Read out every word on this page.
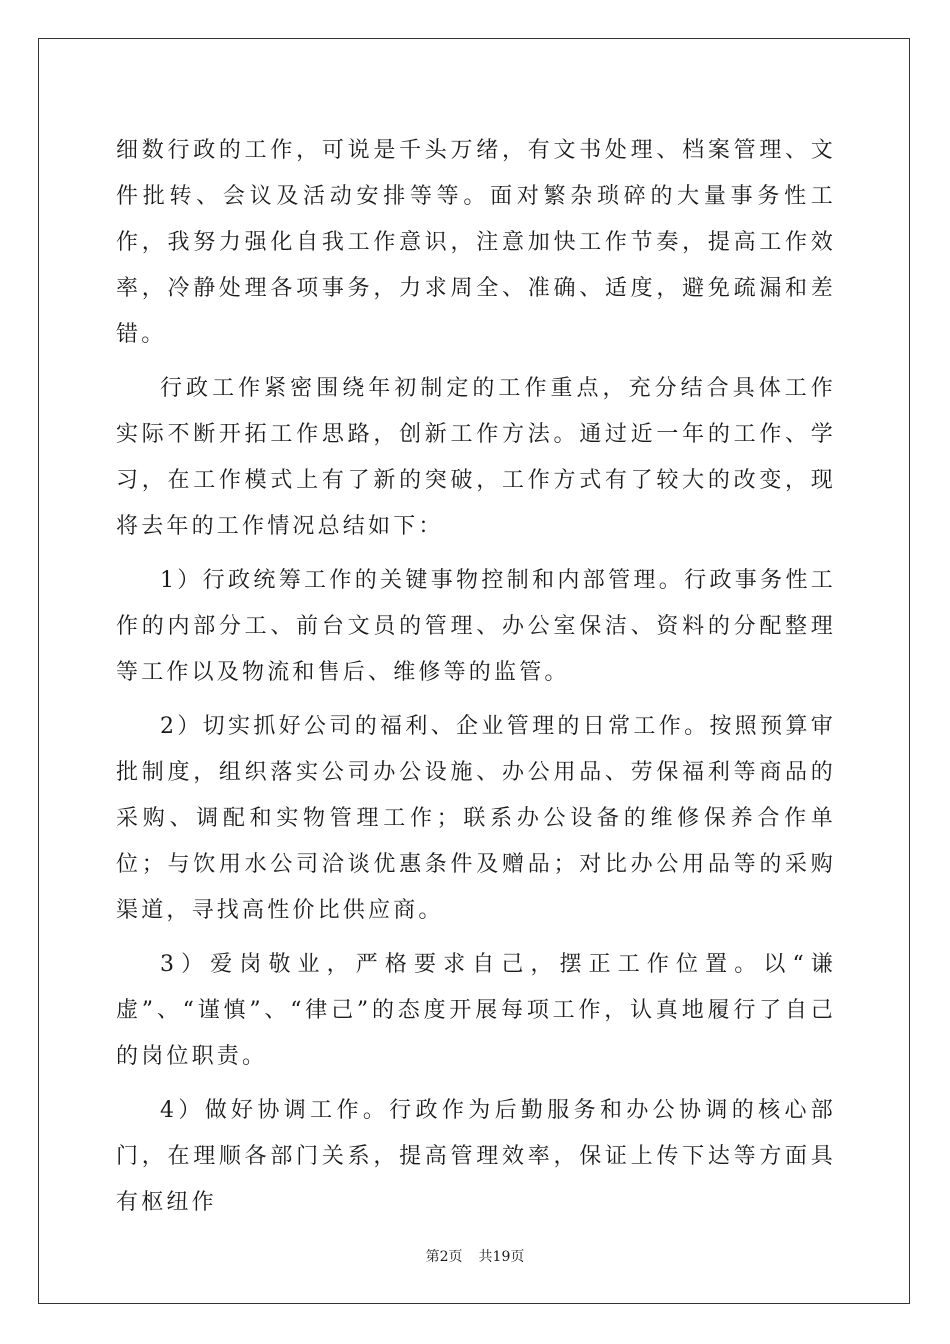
细数行政的工作，可说是千头万绪，有文书处理、档案管理、文件批转、会议及活动安排等等。面对繁杂琐碎的大量事务性工作，我努力强化自我工作意识，注意加快工作节奏，提高工作效率，冷静处理各项事务，力求周全、准确、适度，避免疏漏和差错。

行政工作紧密围绕年初制定的工作重点，充分结合具体工作实际不断开拓工作思路，创新工作方法。通过近一年的工作、学习，在工作模式上有了新的突破，工作方式有了较大的改变，现将去年的工作情况总结如下：

1）行政统筹工作的关键事物控制和内部管理。行政事务性工作的内部分工、前台文员的管理、办公室保洁、资料的分配整理等工作以及物流和售后、维修等的监管。

2）切实抓好公司的福利、企业管理的日常工作。按照预算审批制度，组织落实公司办公设施、办公用品、劳保福利等商品的采购、调配和实物管理工作；联系办公设备的维修保养合作单位；与饮用水公司洽谈优惠条件及赠品；对比办公用品等的采购渠道，寻找高性价比供应商。

3）爱岗敬业，严格要求自己，摆正工作位置。以“谦虚”、“谨慎”、“律己”的态度开展每项工作，认真地履行了自己的岗位职责。

4）做好协调工作。行政作为后勤服务和办公协调的核心部门，在理顺各部门关系，提高管理效率，保证上传下达等方面具有枢纽作

第2页 共19页
